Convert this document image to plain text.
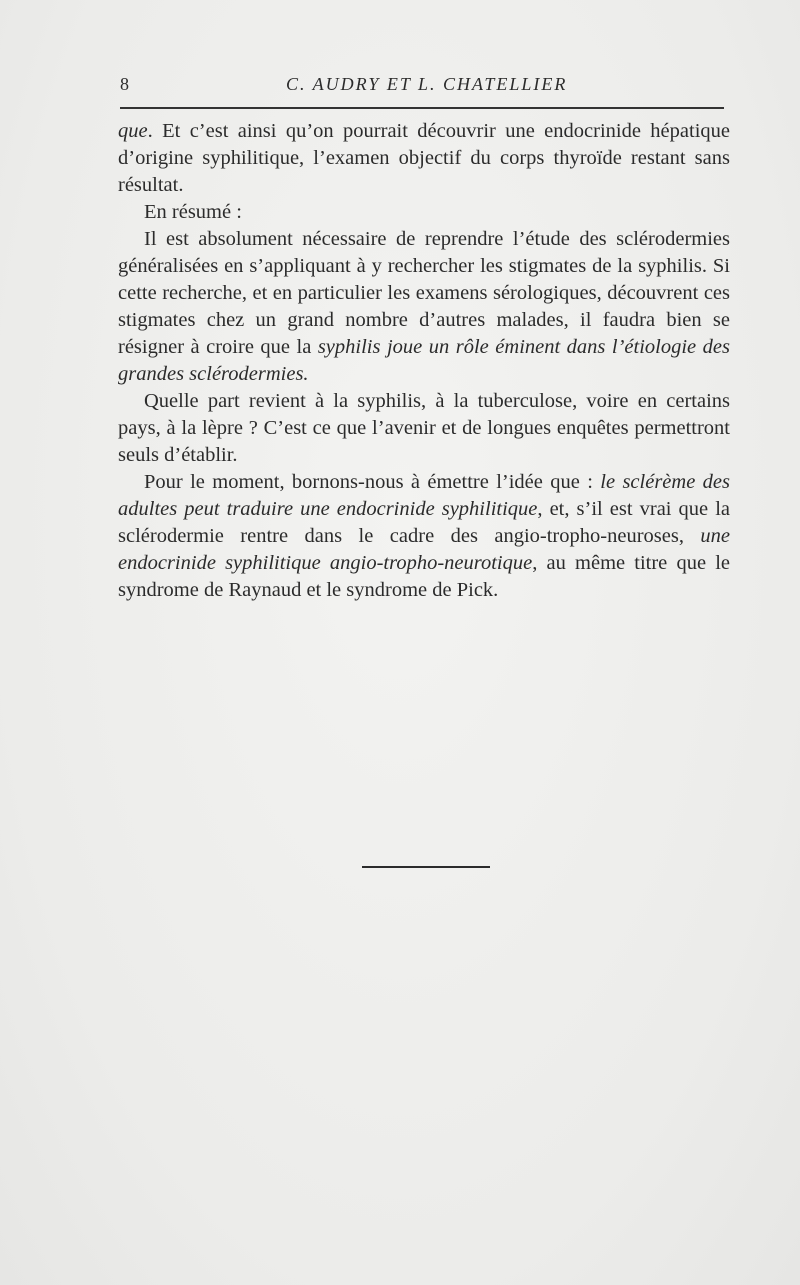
8	C. AUDRY ET L. CHATELLIER

que. Et c’est ainsi qu’on pourrait découvrir une endocrinide hépatique d’origine syphilitique, l’examen objectif du corps thyroïde restant sans résultat.

En résumé :

Il est absolument nécessaire de reprendre l’étude des sclérodermies généralisées en s’appliquant à y rechercher les stigmates de la syphilis. Si cette recherche, et en particulier les examens sérologiques, découvrent ces stigmates chez un grand nombre d’autres malades, il faudra bien se résigner à croire que la syphilis joue un rôle éminent dans l’étiologie des grandes sclérodermies.

Quelle part revient à la syphilis, à la tuberculose, voire en certains pays, à la lèpre ? C’est ce que l’avenir et de longues enquêtes permettront seuls d’établir.

Pour le moment, bornons-nous à émettre l’idée que : le sclérème des adultes peut traduire une endocrinide syphilitique, et, s’il est vrai que la sclérodermie rentre dans le cadre des angio-tropho-neuroses, une endocrinide syphilitique angio-tropho-neurotique, au même titre que le syndrome de Raynaud et le syndrome de Pick.
